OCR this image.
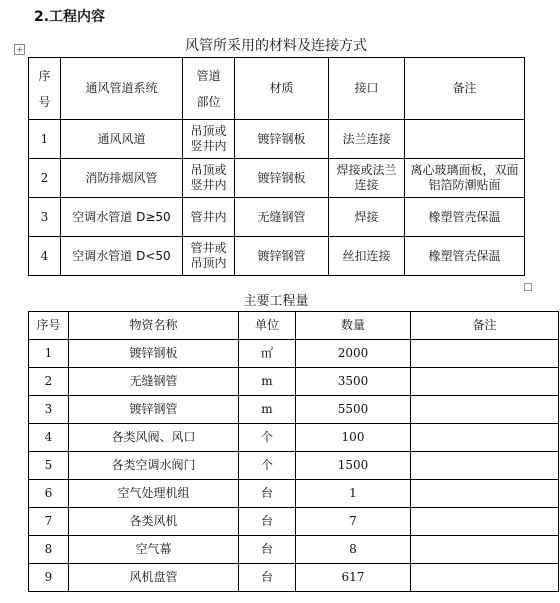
2.工程内容
+	风管所采用的材料及连接方式
序号	通风管道系统	管道部位	材质	接口	备注
1	通风风道	吊顶或竖井内	镀锌钢板	法兰连接	
2	消防排烟风管	吊顶或竖井内	镀锌钢板	焊接或法兰连接	离心玻璃面板，双面铝箔防潮贴面
3	空调水管道 D≥50	管井内	无缝钢管	焊接	橡塑管壳保温
4	空调水管道 D<50	管井或吊顶内	镀锌钢管	丝扣连接	橡塑管壳保温
主要工程量
序号	物资名称	单位	数量	备注
1	镀锌钢板	㎡	2000	
2	无缝钢管	m	3500	
3	镀锌钢管	m	5500	
4	各类风阀、风口	个	100	
5	各类空调水阀门	个	1500	
6	空气处理机组	台	1	
7	各类风机	台	7	
8	空气幕	台	8	
9	风机盘管	台	617	
